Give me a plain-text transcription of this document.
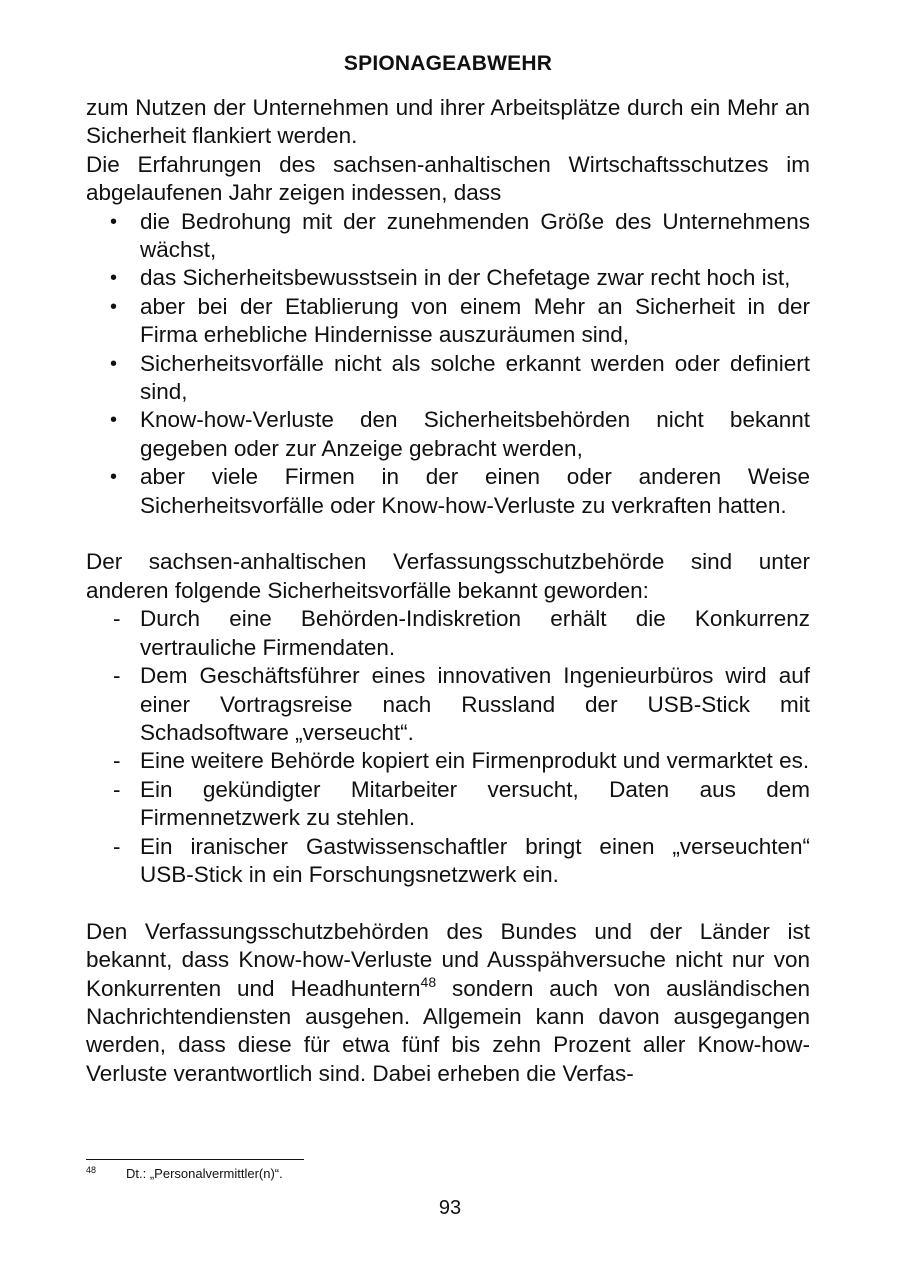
SPIONAGEABWEHR

zum Nutzen der Unternehmen und ihrer Arbeitsplätze durch ein Mehr an Sicherheit flankiert werden.

Die Erfahrungen des sachsen-anhaltischen Wirtschaftsschutzes im abgelaufenen Jahr zeigen indessen, dass

• die Bedrohung mit der zunehmenden Größe des Unternehmens wächst,
• das Sicherheitsbewusstsein in der Chefetage zwar recht hoch ist,
• aber bei der Etablierung von einem Mehr an Sicherheit in der Firma erhebliche Hindernisse auszuräumen sind,
• Sicherheitsvorfälle nicht als solche erkannt werden oder definiert sind,
• Know-how-Verluste den Sicherheitsbehörden nicht bekannt gegeben oder zur Anzeige gebracht werden,
• aber viele Firmen in der einen oder anderen Weise Sicherheitsvorfälle oder Know-how-Verluste zu verkraften hatten.

Der sachsen-anhaltischen Verfassungsschutzbehörde sind unter anderen folgende Sicherheitsvorfälle bekannt geworden:

- Durch eine Behörden-Indiskretion erhält die Konkurrenz vertrauliche Firmendaten.
- Dem Geschäftsführer eines innovativen Ingenieurbüros wird auf einer Vortragsreise nach Russland der USB-Stick mit Schadsoftware „verseucht“.
- Eine weitere Behörde kopiert ein Firmenprodukt und vermarktet es.
- Ein gekündigter Mitarbeiter versucht, Daten aus dem Firmennetzwerk zu stehlen.
- Ein iranischer Gastwissenschaftler bringt einen „verseuchten“ USB-Stick in ein Forschungsnetzwerk ein.

Den Verfassungsschutzbehörden des Bundes und der Länder ist bekannt, dass Know-how-Verluste und Ausspähversuche nicht nur von Konkurrenten und Headhuntern$^{48}$ sondern auch von ausländischen Nachrichtendiensten ausgehen. Allgemein kann davon ausgegangen werden, dass diese für etwa fünf bis zehn Prozent aller Know-how-Verluste verantwortlich sind. Dabei erheben die Verfas-

$^{48}$ Dt.: „Personalvermittler(n)“.
93
